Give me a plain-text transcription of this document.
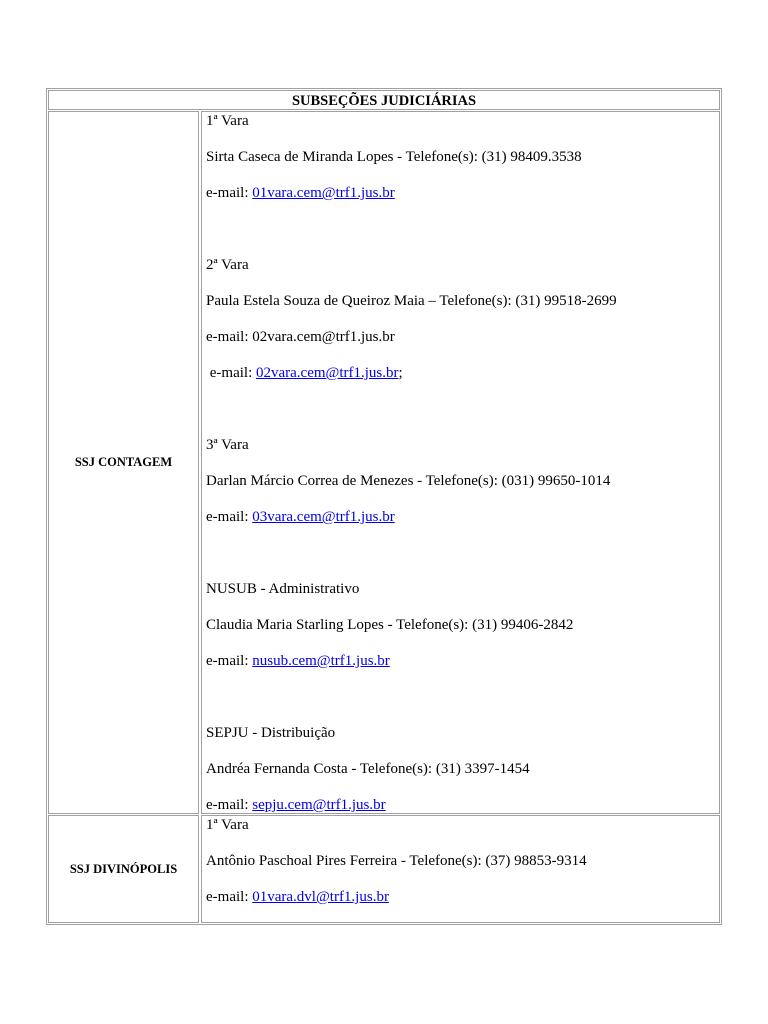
SUBSEÇÕES JUDICIÁRIAS
SSJ CONTAGEM
1ª Vara
Sirta Caseca de Miranda Lopes - Telefone(s): (31) 98409.3538
e-mail: 01vara.cem@trf1.jus.br
2ª Vara
Paula Estela Souza de Queiroz Maia – Telefone(s): (31) 99518-2699
e-mail: 02vara.cem@trf1.jus.br
e-mail: 02vara.cem@trf1.jus.br;
3ª Vara
Darlan Márcio Correa de Menezes - Telefone(s): (031) 99650-1014
e-mail: 03vara.cem@trf1.jus.br
NUSUB - Administrativo
Claudia Maria Starling Lopes - Telefone(s): (31) 99406-2842
e-mail: nusub.cem@trf1.jus.br
SEPJU - Distribuição
Andréa Fernanda Costa - Telefone(s): (31) 3397-1454
e-mail: sepju.cem@trf1.jus.br
SSJ DIVINÓPOLIS
1ª Vara
Antônio Paschoal Pires Ferreira - Telefone(s): (37) 98853-9314
e-mail: 01vara.dvl@trf1.jus.br
